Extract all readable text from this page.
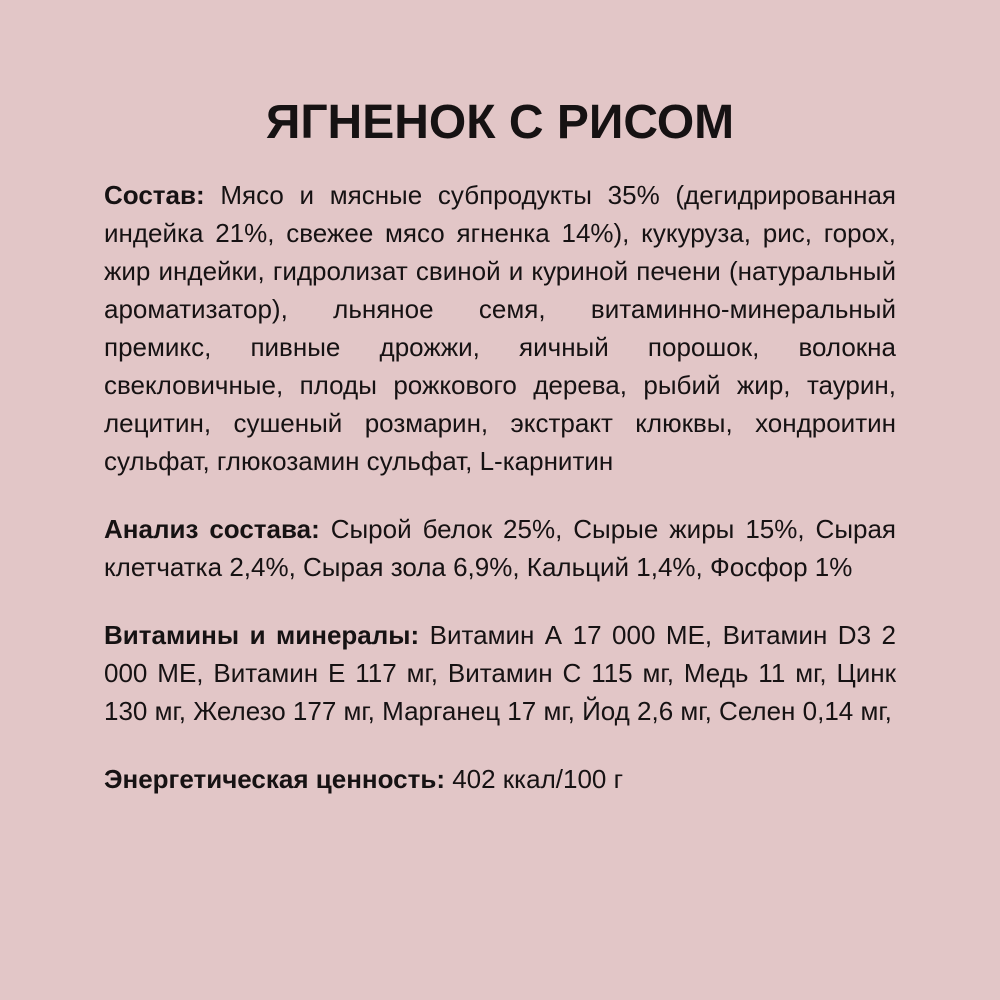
ЯГНЕНОК С РИСОМ

Состав: Мясо и мясные субпродукты 35% (дегидрированная индейка 21%, свежее мясо ягненка 14%), кукуруза, рис, горох, жир индейки, гидролизат свиной и куриной печени (натуральный ароматизатор), льняное семя, витаминно-минеральный премикс, пивные дрожжи, яичный порошок, волокна свекловичные, плоды рожкового дерева, рыбий жир, таурин, лецитин, сушеный розмарин, экстракт клюквы, хондроитин сульфат, глюкозамин сульфат, L-карнитин

Анализ состава: Сырой белок 25%, Сырые жиры 15%, Сырая клетчатка 2,4%, Сырая зола 6,9%, Кальций 1,4%, Фосфор 1%

Витамины и минералы: Витамин А 17 000 МЕ, Витамин D3 2 000 МЕ, Витамин Е 117 мг, Витамин С 115 мг, Медь 11 мг, Цинк 130 мг, Железо 177 мг, Марганец 17 мг, Йод 2,6 мг, Селен 0,14 мг,

Энергетическая ценность: 402 ккал/100 г
